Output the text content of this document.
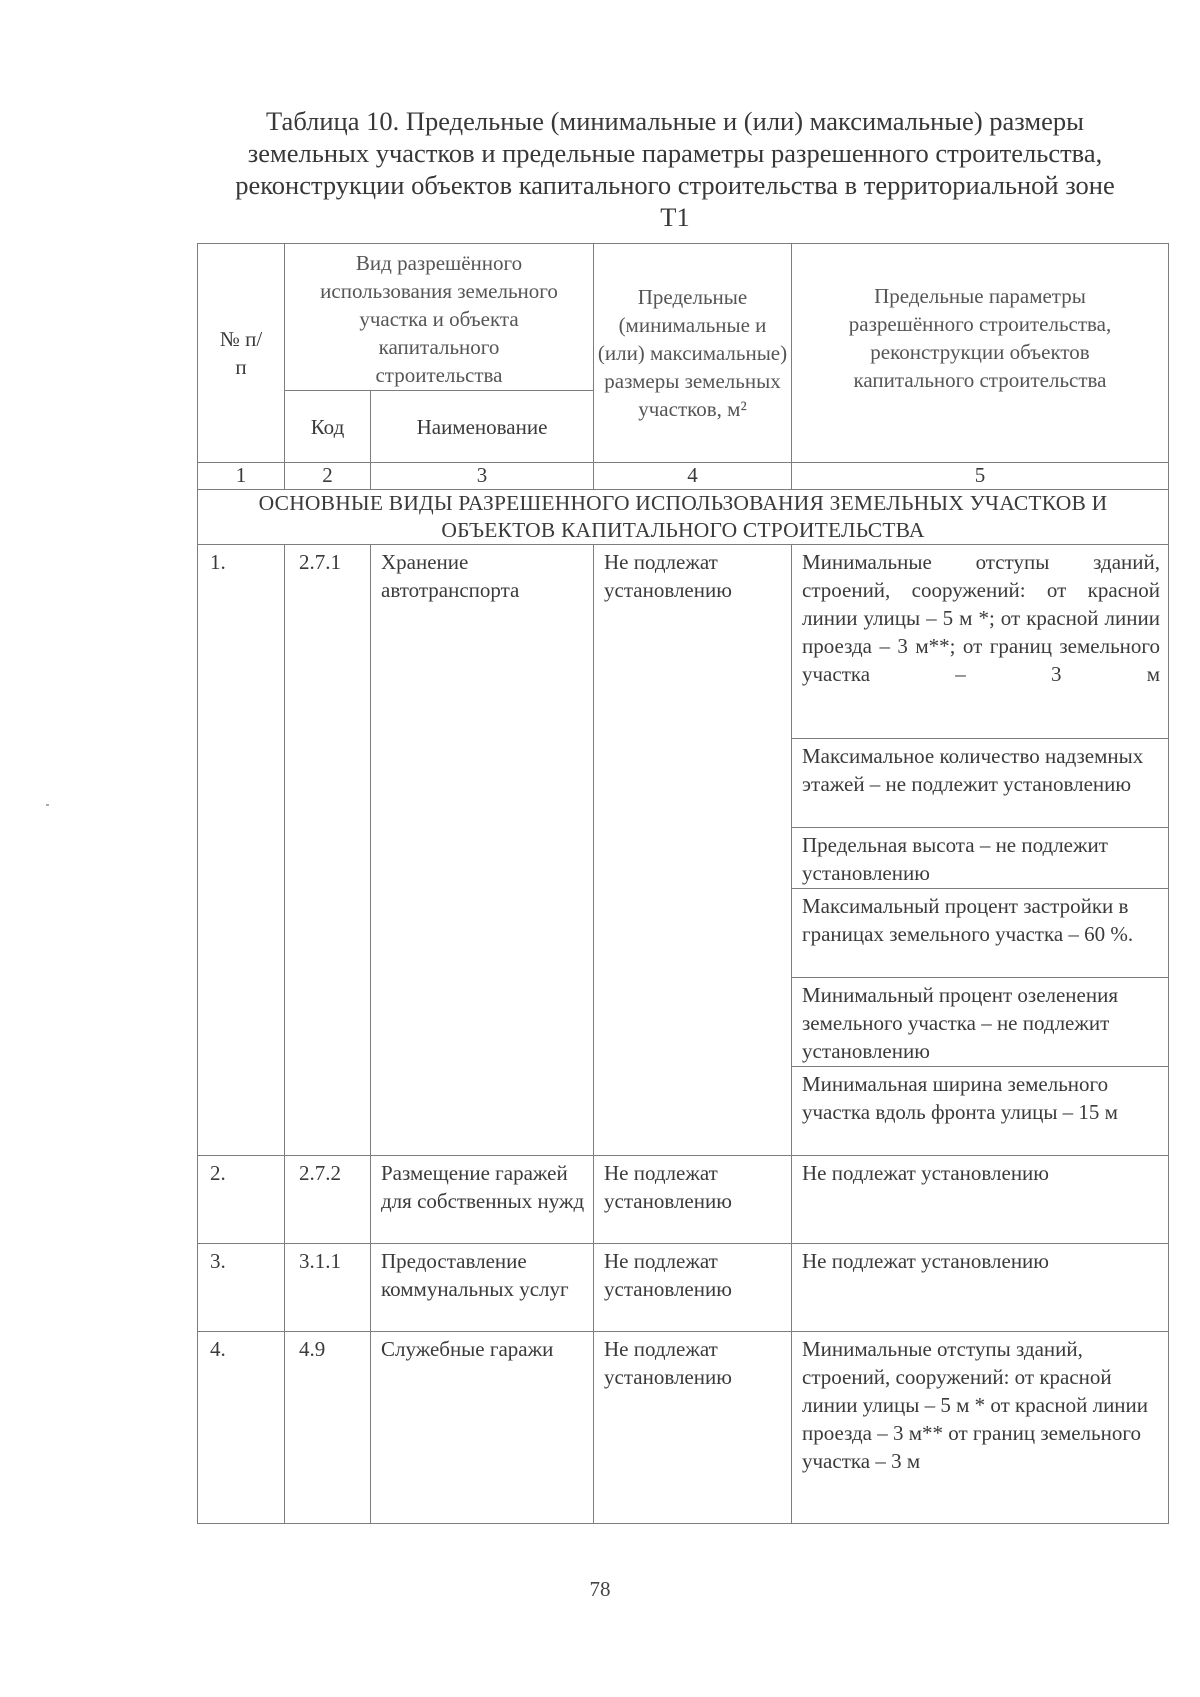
Таблица 10. Предельные (минимальные и (или) максимальные) размеры
земельных участков и предельные параметры разрешенного строительства,
реконструкции объектов капитального строительства в территориальной зоне
Т1
№ п/п	Вид разрешённого использования земельного участка и объекта капитального строительства		Предельные (минимальные и (или) максимальные) размеры земельных участков, м²	Предельные параметры разрешённого строительства, реконструкции объектов капитального строительства

	Код	Наименование		
1	2	3	4	5

ОСНОВНЫЕ ВИДЫ РАЗРЕШЕННОГО ИСПОЛЬЗОВАНИЯ ЗЕМЕЛЬНЫХ УЧАСТКОВ И ОБЪЕКТОВ КАПИТАЛЬНОГО СТРОИТЕЛЬСТВА				

1.	2.7.1	Хранение автотранспорта	Не подлежат установлению	Минимальные отступы зданий, строений, сооружений: от красной линии улицы – 5 м *; от красной линии проезда – 3 м**; от границ земельного участка – 3 м
				Максимальное количество надземных этажей – не подлежит установлению
				Предельная высота – не подлежит установлению
				Максимальный процент застройки в границах земельного участка – 60 %.
				Минимальный процент озеленения земельного участка – не подлежит установлению
				Минимальная ширина земельного участка вдоль фронта улицы – 15 м
2.	2.7.2	Размещение гаражей для собственных нужд	Не подлежат установлению	Не подлежат установлению
3.	3.1.1	Предоставление коммунальных услуг	Не подлежат установлению	Не подлежат установлению
4.	4.9	Служебные гаражи	Не подлежат установлению	Минимальные отступы зданий, строений, сооружений: от красной линии улицы – 5 м * от красной линии проезда – 3 м** от границ земельного участка – 3 м
78
